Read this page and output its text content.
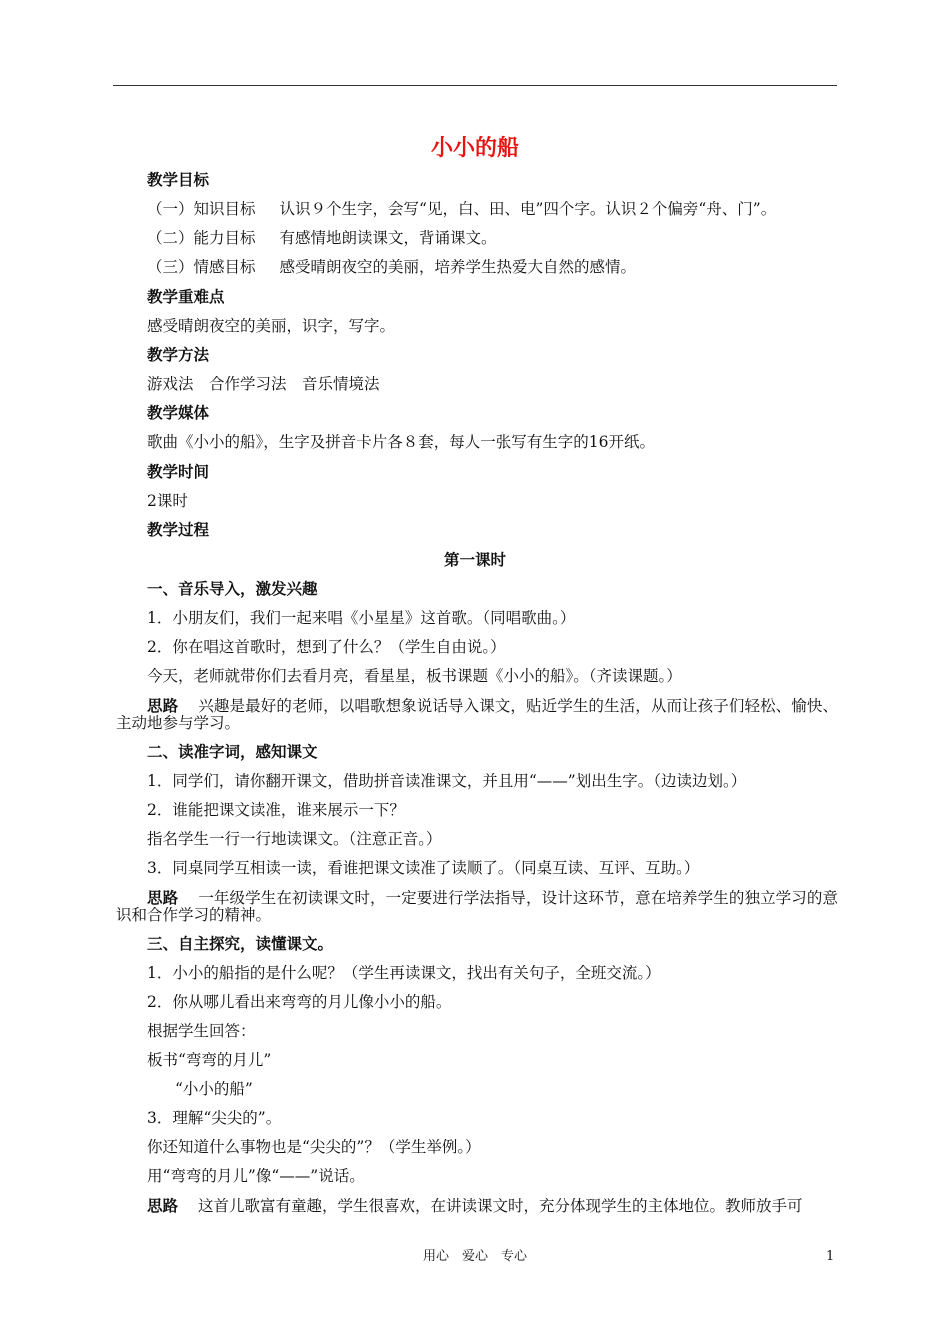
小小的船
教学目标
（一）知识目标 认识９个生字，会写“见，白、田、电”四个字。认识２个偏旁“舟、门”。
（二）能力目标 有感情地朗读课文，背诵课文。
（三）情感目标 感受晴朗夜空的美丽，培养学生热爱大自然的感情。
教学重难点
感受晴朗夜空的美丽，识字，写字。
教学方法
游戏法　合作学习法　音乐情境法
教学媒体
歌曲《小小的船》，生字及拼音卡片各８套，每人一张写有生字的16开纸。
教学时间
2课时
教学过程
第一课时
一、音乐导入，激发兴趣
1．小朋友们，我们一起来唱《小星星》这首歌。（同唱歌曲。）
2．你在唱这首歌时，想到了什么？（学生自由说。）
今天，老师就带你们去看月亮，看星星，板书课题《小小的船》。（齐读课题。）
思路 兴趣是最好的老师，以唱歌想象说话导入课文，贴近学生的生活，从而让孩子们轻松、愉快、主动地参与学习。
二、读准字词，感知课文
1．同学们，请你翻开课文，借助拼音读准课文，并且用“——”划出生字。（边读边划。）
2．谁能把课文读准，谁来展示一下？
指名学生一行一行地读课文。（注意正音。）
3．同桌同学互相读一读，看谁把课文读准了读顺了。（同桌互读、互评、互助。）
思路 一年级学生在初读课文时，一定要进行学法指导，设计这环节，意在培养学生的独立学习的意识和合作学习的精神。
三、自主探究，读懂课文。
1．小小的船指的是什么呢？（学生再读课文，找出有关句子，全班交流。）
2．你从哪儿看出来弯弯的月儿像小小的船。
根据学生回答：
板书“弯弯的月儿”
“小小的船”
3．理解“尖尖的”。
你还知道什么事物也是“尖尖的”？（学生举例。）
用“弯弯的月儿”像“——”说话。
思路 这首儿歌富有童趣，学生很喜欢，在讲读课文时，充分体现学生的主体地位。教师放手可
用心　爱心　专心	1
